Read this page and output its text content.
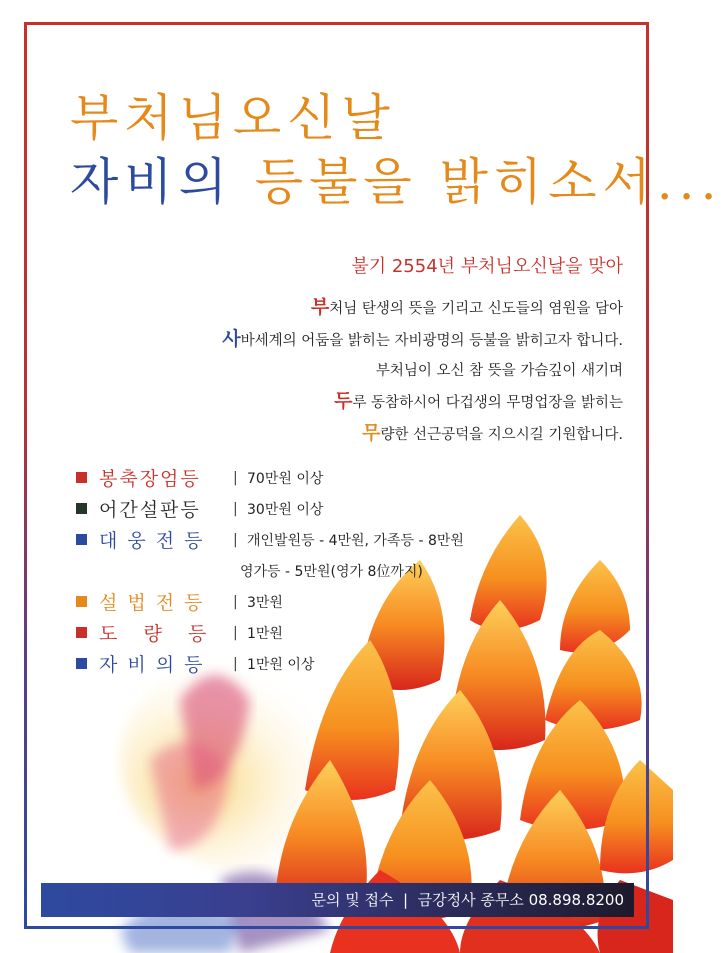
부처님오신날
자비의 등불을 밝히소서...
불기 2554년 부처님오신날을 맞아
부처님 탄생의 뜻을 기리고 신도들의 염원을 담아
사바세계의 어둠을 밝히는 자비광명의 등불을 밝히고자 합니다.
부처님이 오신 참 뜻을 가슴깊이 새기며
두루 동참하시어 다겁생의 무명업장을 밝히는
무량한 선근공덕을 지으시길 기원합니다.
봉축장엄등	| 70만원 이상
어간설판등	| 30만원 이상
대 웅 전 등	| 개인발원등 - 4만원, 가족등 - 8만원
영가등 - 5만원(영가 8位까지)
설 법 전 등	| 3만원
도   량   등	| 1만원
자 비 의 등	| 1만원 이상
문의 및 접수  |  금강정사 종무소 08.898.8200
